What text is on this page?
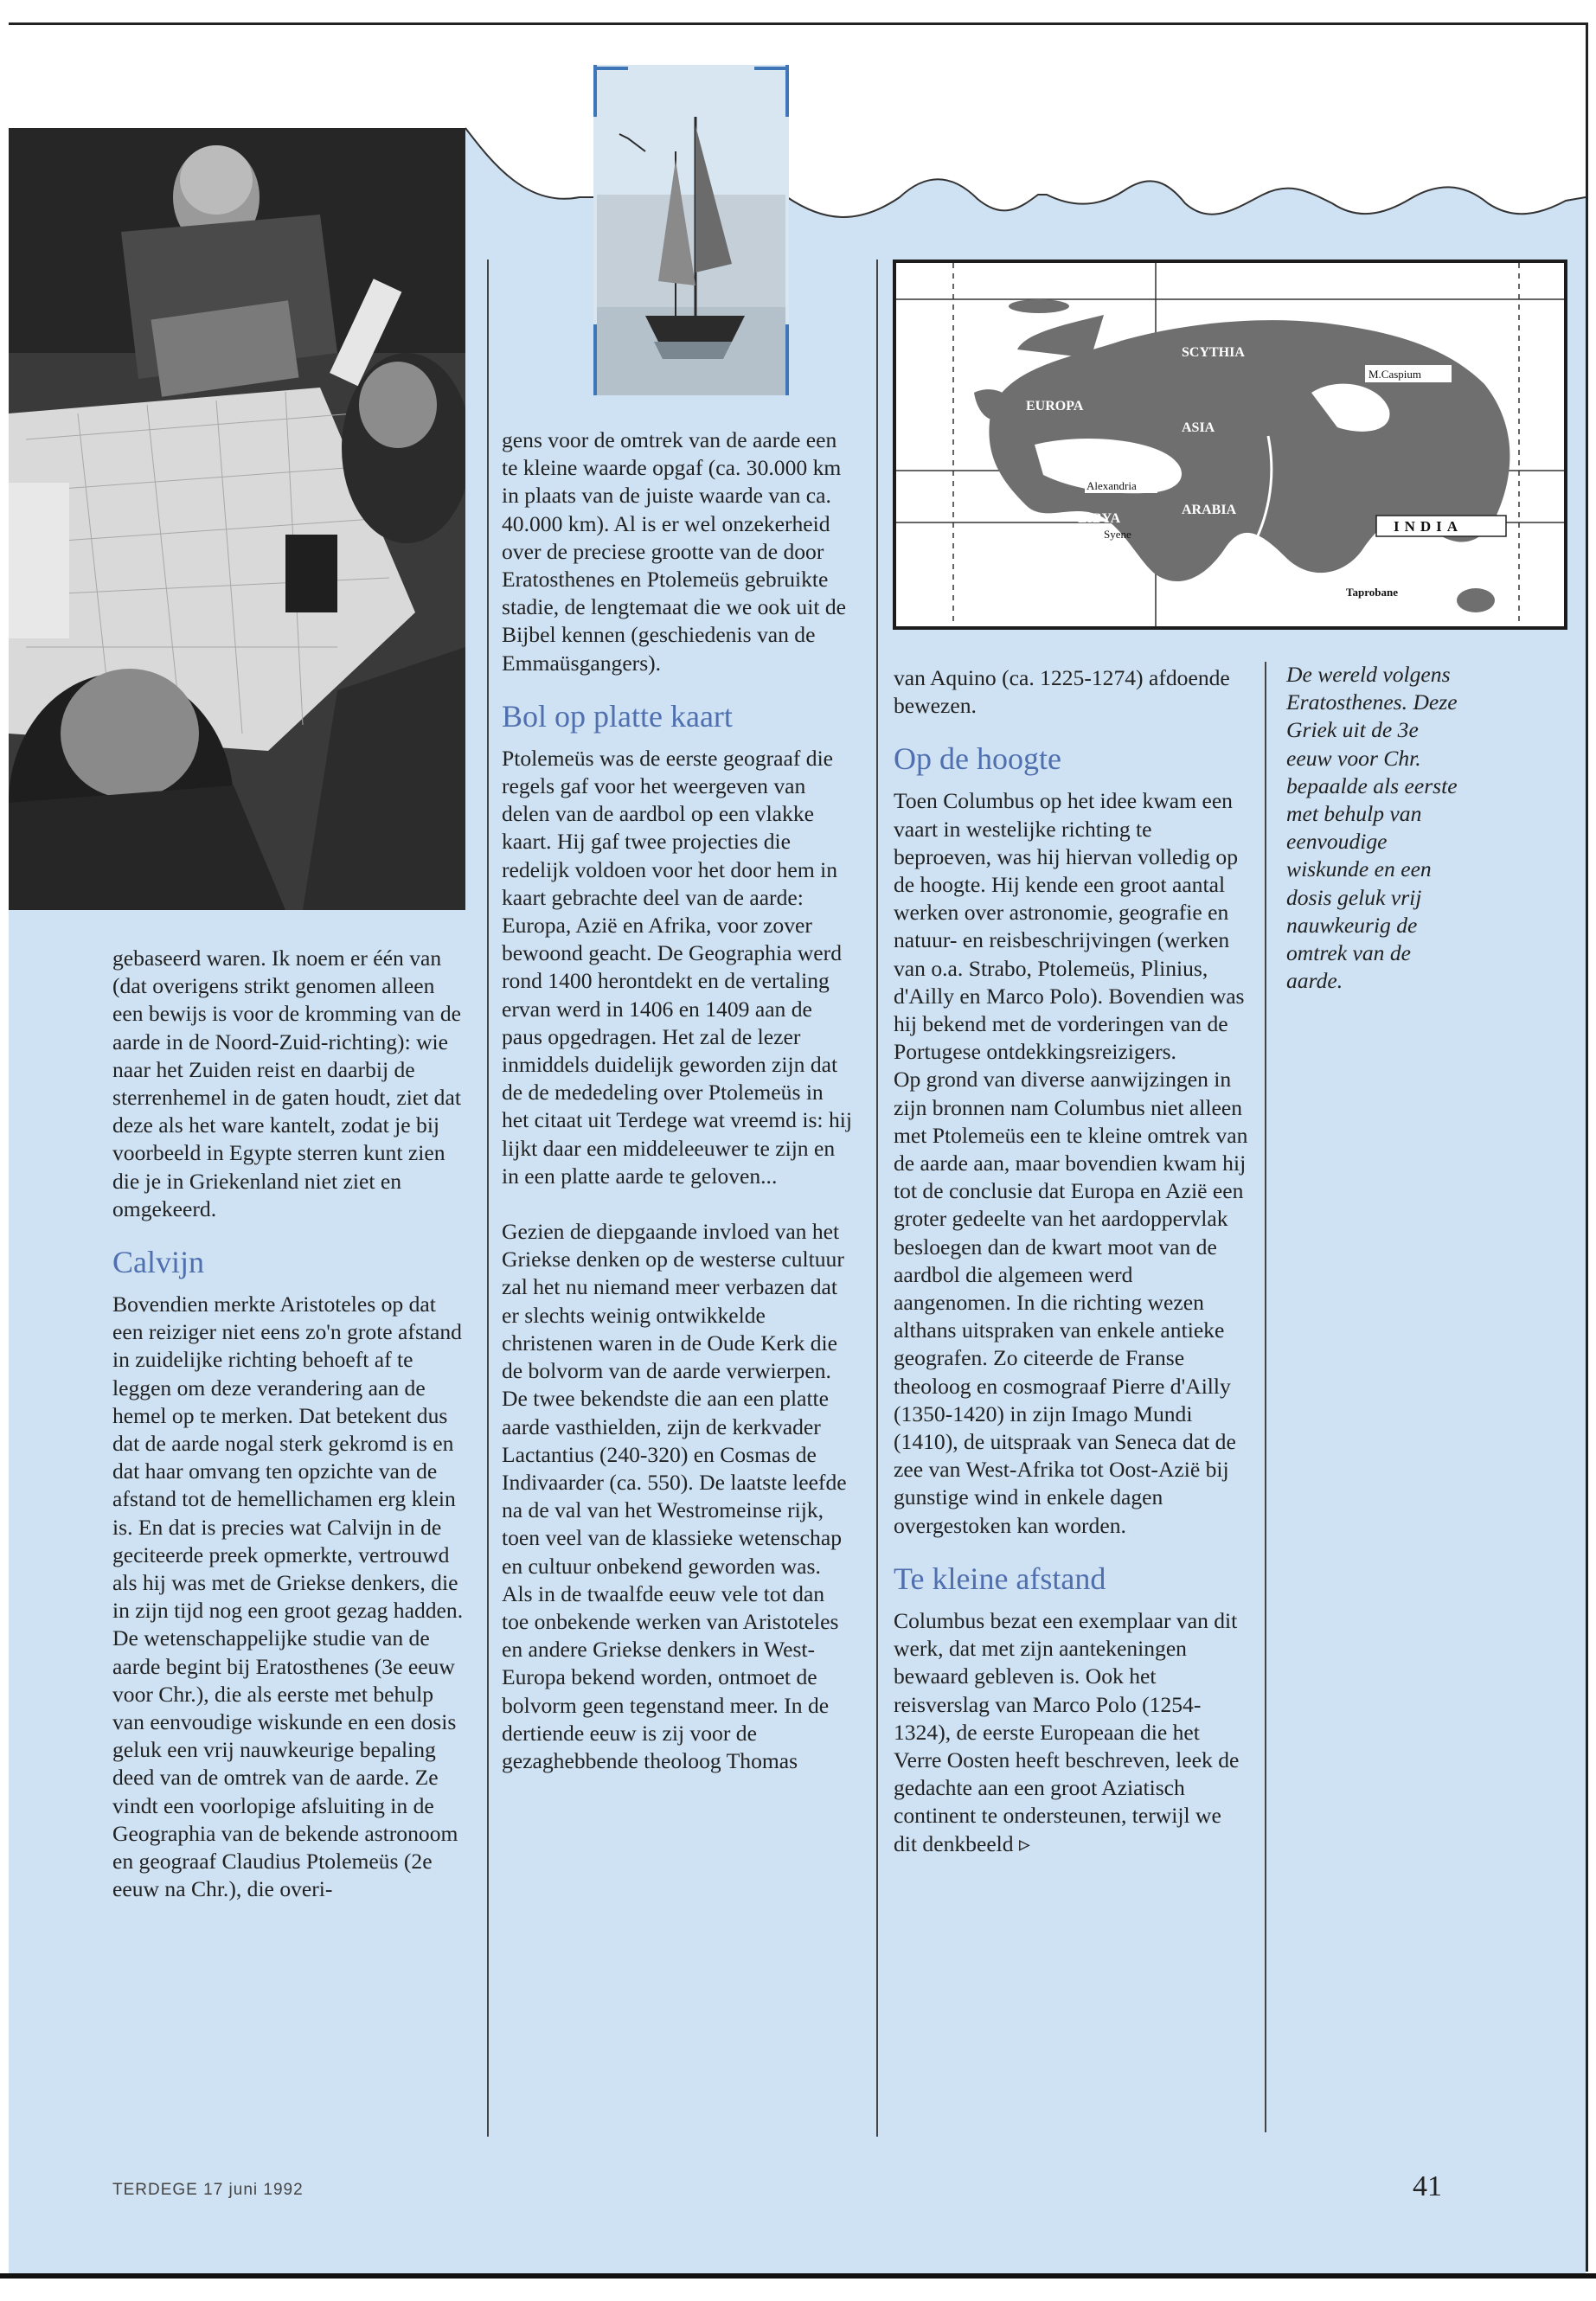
SCYTHIA
EUROPA
ASIA
LIBYA
ARABIA
M.Caspium
Alexandria
Syene
Taprobane
INDIA

gebaseerd waren. Ik noem er één van (dat overigens strikt genomen alleen een bewijs is voor de kromming van de aarde in de Noord-Zuid-richting): wie naar het Zuiden reist en daarbij de sterrenhemel in de gaten houdt, ziet dat deze als het ware kantelt, zodat je bij voorbeeld in Egypte sterren kunt zien die je in Griekenland niet ziet en omgekeerd.

Calvijn

Bovendien merkte Aristoteles op dat een reiziger niet eens zo'n grote afstand in zuidelijke richting behoeft af te leggen om deze verandering aan de hemel op te merken. Dat betekent dus dat de aarde nogal sterk gekromd is en dat haar omvang ten opzichte van de afstand tot de hemellichamen erg klein is. En dat is precies wat Calvijn in de geciteerde preek opmerkte, vertrouwd als hij was met de Griekse denkers, die in zijn tijd nog een groot gezag hadden.

De wetenschappelijke studie van de aarde begint bij Eratosthenes (3e eeuw voor Chr.), die als eerste met behulp van eenvoudige wiskunde en een dosis geluk een vrij nauwkeurige bepaling deed van de omtrek van de aarde. Ze vindt een voorlopige afsluiting in de Geographia van de bekende astronoom en geograaf Claudius Ptolemeüs (2e eeuw na Chr.), die overi-

gens voor de omtrek van de aarde een te kleine waarde opgaf (ca. 30.000 km in plaats van de juiste waarde van ca. 40.000 km). Al is er wel onzekerheid over de preciese grootte van de door Eratosthenes en Ptolemeüs gebruikte stadie, de lengtemaat die we ook uit de Bijbel kennen (geschiedenis van de Emmaüsgangers).

Bol op platte kaart

Ptolemeüs was de eerste geograaf die regels gaf voor het weergeven van delen van de aardbol op een vlakke kaart. Hij gaf twee projecties die redelijk voldoen voor het door hem in kaart gebrachte deel van de aarde: Europa, Azië en Afrika, voor zover bewoond geacht. De Geographia werd rond 1400 herontdekt en de vertaling ervan werd in 1406 en 1409 aan de paus opgedragen. Het zal de lezer inmiddels duidelijk geworden zijn dat de de mededeling over Ptolemeüs in het citaat uit Terdege wat vreemd is: hij lijkt daar een middeleeuwer te zijn en in een platte aarde te geloven...

Gezien de diepgaande invloed van het Griekse denken op de westerse cultuur zal het nu niemand meer verbazen dat er slechts weinig ontwikkelde christenen waren in de Oude Kerk die de bolvorm van de aarde verwierpen. De twee bekendste die aan een platte aarde vasthielden, zijn de kerkvader Lactantius (240-320) en Cosmas de Indivaarder (ca. 550). De laatste leefde na de val van het Westromeinse rijk, toen veel van de klassieke wetenschap en cultuur onbekend geworden was. Als in de twaalfde eeuw vele tot dan toe onbekende werken van Aristoteles en andere Griekse denkers in West-Europa bekend worden, ontmoet de bolvorm geen tegenstand meer. In de dertiende eeuw is zij voor de gezaghebbende theoloog Thomas

van Aquino (ca. 1225-1274) afdoende bewezen.

Op de hoogte

Toen Columbus op het idee kwam een vaart in westelijke richting te beproeven, was hij hiervan volledig op de hoogte. Hij kende een groot aantal werken over astronomie, geografie en natuur- en reisbeschrijvingen (werken van o.a. Strabo, Ptolemeüs, Plinius, d'Ailly en Marco Polo). Bovendien was hij bekend met de vorderingen van de Portugese ontdekkingsreizigers.

Op grond van diverse aanwijzingen in zijn bronnen nam Columbus niet alleen met Ptolemeüs een te kleine omtrek van de aarde aan, maar bovendien kwam hij tot de conclusie dat Europa en Azië een groter gedeelte van het aardoppervlak besloegen dan de kwart moot van de aardbol die algemeen werd aangenomen. In die richting wezen althans uitspraken van enkele antieke geografen. Zo citeerde de Franse theoloog en cosmograaf Pierre d'Ailly (1350-1420) in zijn Imago Mundi (1410), de uitspraak van Seneca dat de zee van West-Afrika tot Oost-Azië bij gunstige wind in enkele dagen overgestoken kan worden.

Te kleine afstand

Columbus bezat een exemplaar van dit werk, dat met zijn aantekeningen bewaard gebleven is. Ook het reisverslag van Marco Polo (1254-1324), de eerste Europeaan die het Verre Oosten heeft beschreven, leek de gedachte aan een groot Aziatisch continent te ondersteunen, terwijl we dit denkbeeld ▹

De wereld volgens Eratosthenes. Deze Griek uit de 3e eeuw voor Chr. bepaalde als eerste met behulp van eenvoudige wiskunde en een dosis geluk vrij nauwkeurig de omtrek van de aarde.
TERDEGE 17 juni 1992	41
